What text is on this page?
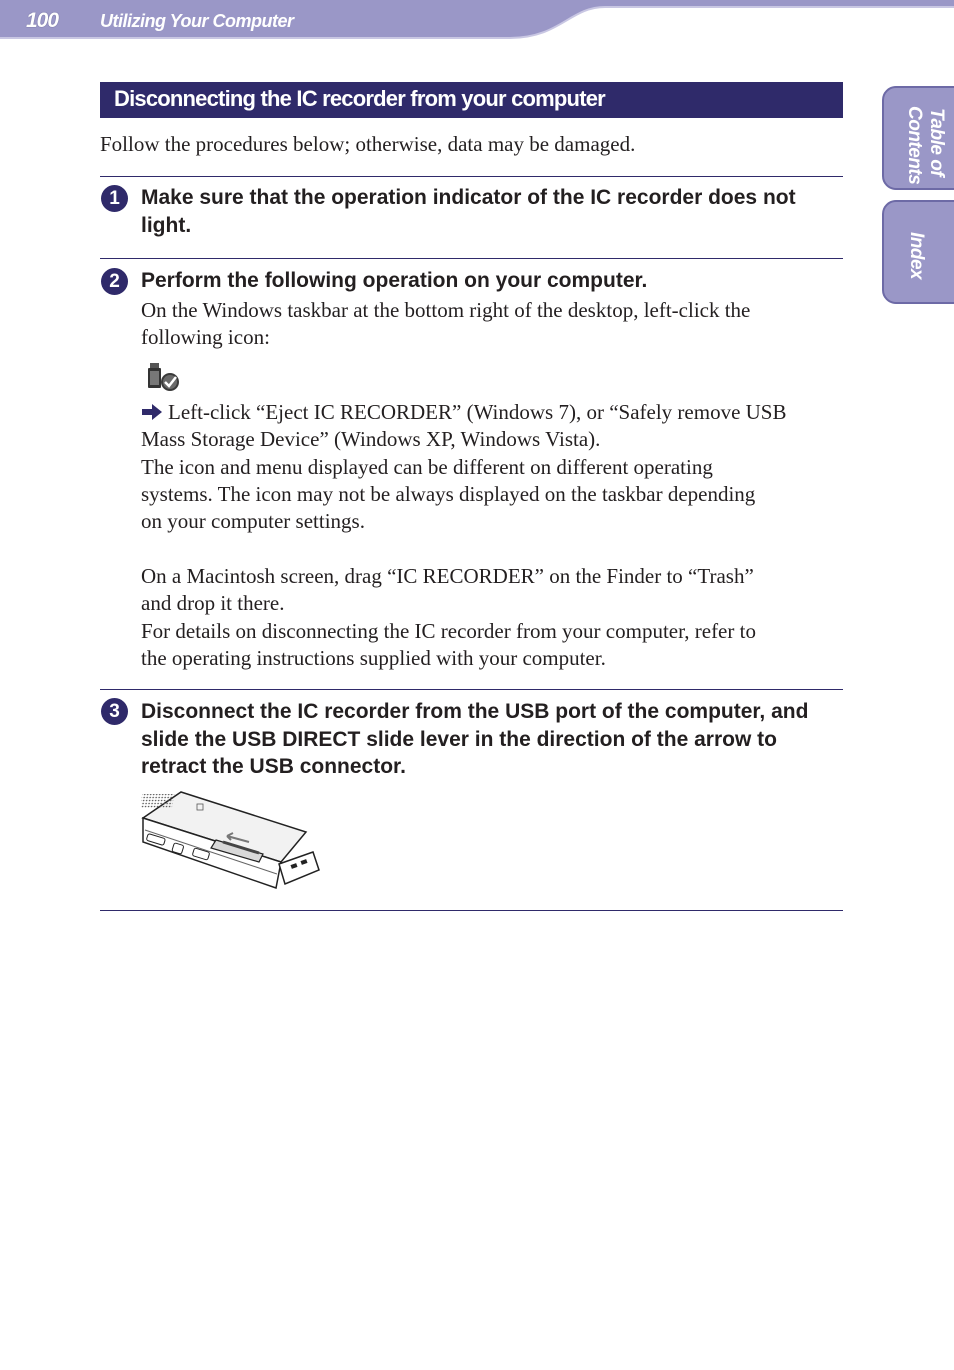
100 Utilizing Your Computer
Table of
Contents
Index
Disconnecting the IC recorder from your computer
Follow the procedures below; otherwise, data may be damaged.
1	Make sure that the operation indicator of the IC recorder does not
light.
2	Perform the following operation on your computer.
On the Windows taskbar at the bottom right of the desktop, left-click the
following icon:
Left-click “Eject IC RECORDER” (Windows 7), or “Safely remove USB
Mass Storage Device” (Windows XP, Windows Vista).
The icon and menu displayed can be different on different operating
systems. The icon may not be always displayed on the taskbar depending
on your computer settings.
On a Macintosh screen, drag “IC RECORDER” on the Finder to “Trash”
and drop it there.
For details on disconnecting the IC recorder from your computer, refer to
the operating instructions supplied with your computer.
3	Disconnect the IC recorder from the USB port of the computer, and
slide the USB DIRECT slide lever in the direction of the arrow to
retract the USB connector.
